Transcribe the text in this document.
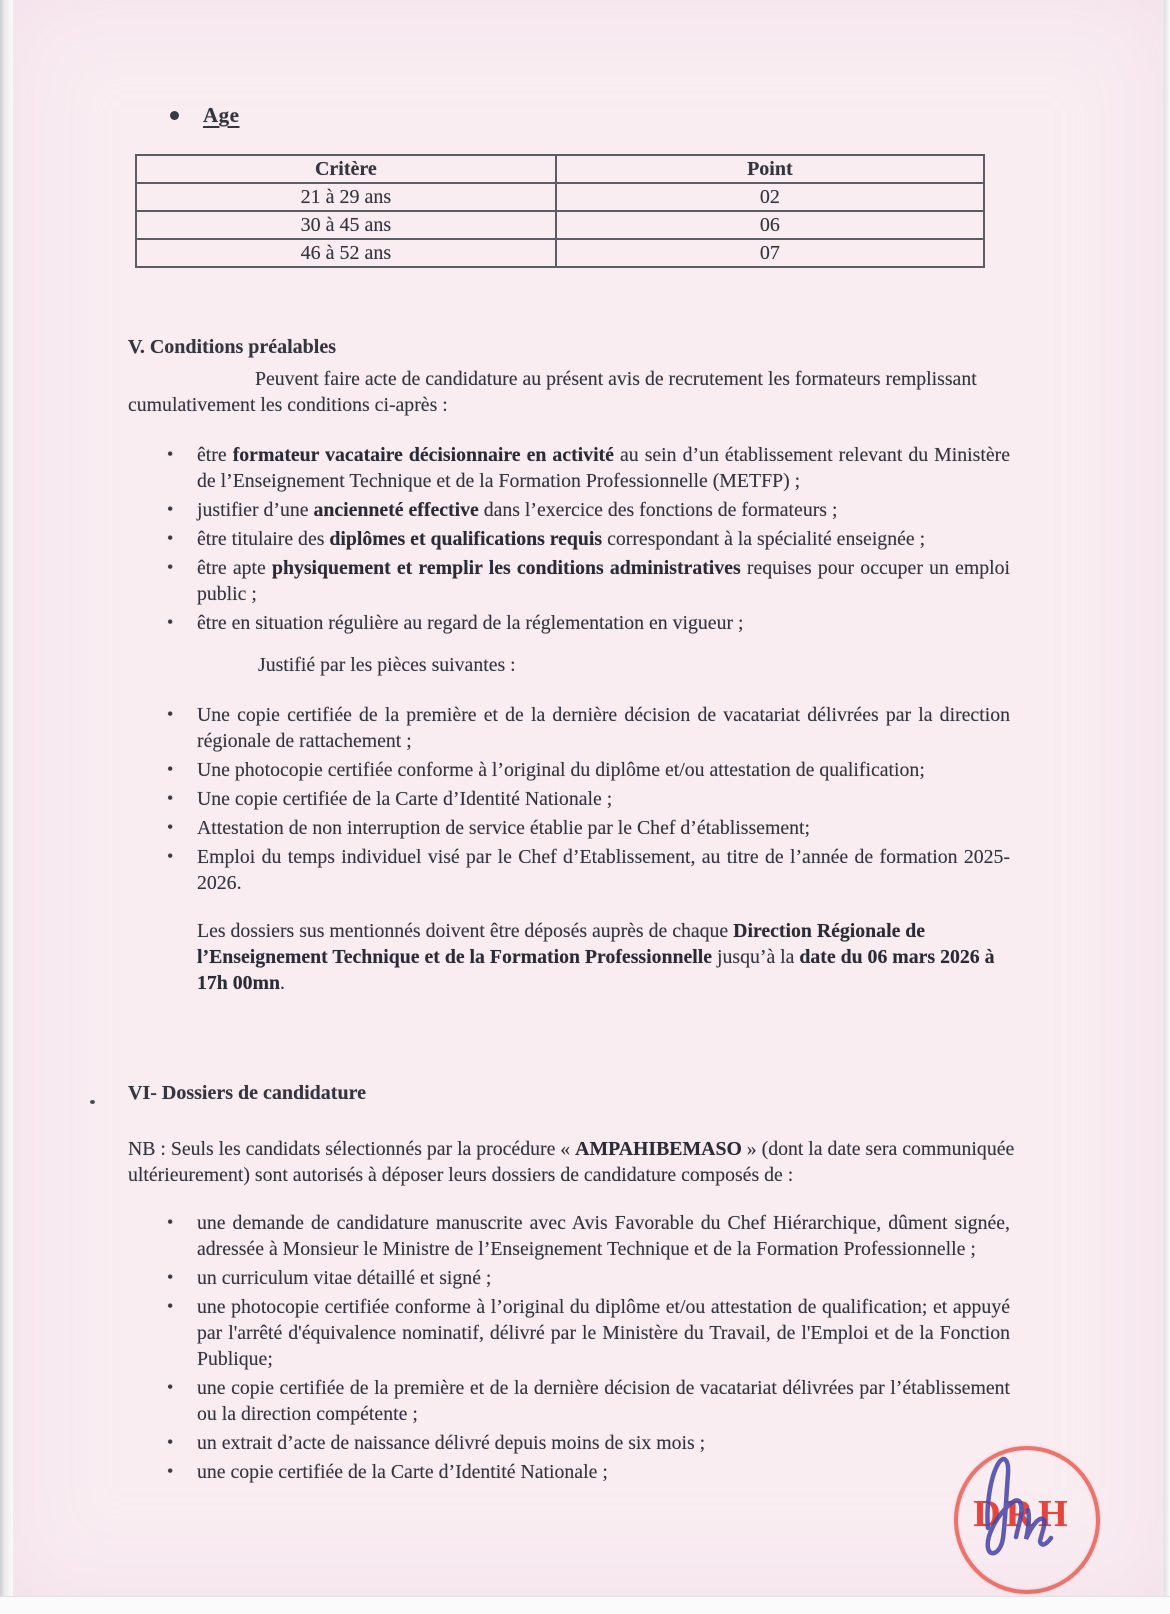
Age
Critère	Point
21 à 29 ans	02
30 à 45 ans	06
46 à 52 ans	07
V. Conditions préalables
Peuvent faire acte de candidature au présent avis de recrutement les formateurs remplissant cumulativement les conditions ci-après :
• être formateur vacataire décisionnaire en activité au sein d’un établissement relevant du Ministère de l’Enseignement Technique et de la Formation Professionnelle (METFP) ;
• justifier d’une ancienneté effective dans l’exercice des fonctions de formateurs ;
• être titulaire des diplômes et qualifications requis correspondant à la spécialité enseignée ;
• être apte physiquement et remplir les conditions administratives requises pour occuper un emploi public ;
• être en situation régulière au regard de la réglementation en vigueur ;
Justifié par les pièces suivantes :
• Une copie certifiée de la première et de la dernière décision de vacatariat délivrées par la direction régionale de rattachement ;
• Une photocopie certifiée conforme à l’original du diplôme et/ou attestation de qualification;
• Une copie certifiée de la Carte d’Identité Nationale ;
• Attestation de non interruption de service établie par le Chef d’établissement;
• Emploi du temps individuel visé par le Chef d’Etablissement, au titre de l’année de formation 2025-2026.
Les dossiers sus mentionnés doivent être déposés auprès de chaque Direction Régionale de l’Enseignement Technique et de la Formation Professionnelle jusqu’à la date du 06 mars 2026 à 17h 00mn.
VI- Dossiers de candidature
NB : Seuls les candidats sélectionnés par la procédure « AMPAHIBEMASO » (dont la date sera communiquée ultérieurement) sont autorisés à déposer leurs dossiers de candidature composés de :
• une demande de candidature manuscrite avec Avis Favorable du Chef Hiérarchique, dûment signée, adressée à Monsieur le Ministre de l’Enseignement Technique et de la Formation Professionnelle ;
• un curriculum vitae détaillé et signé ;
• une photocopie certifiée conforme à l’original du diplôme et/ou attestation de qualification; et appuyé par l'arrêté d'équivalence nominatif, délivré par le Ministère du Travail, de l'Emploi et de la Fonction Publique;
• une copie certifiée de la première et de la dernière décision de vacatariat délivrées par l’établissement ou la direction compétente ;
• un extrait d’acte de naissance délivré depuis moins de six mois ;
• une copie certifiée de la Carte d’Identité Nationale ;
DRH
